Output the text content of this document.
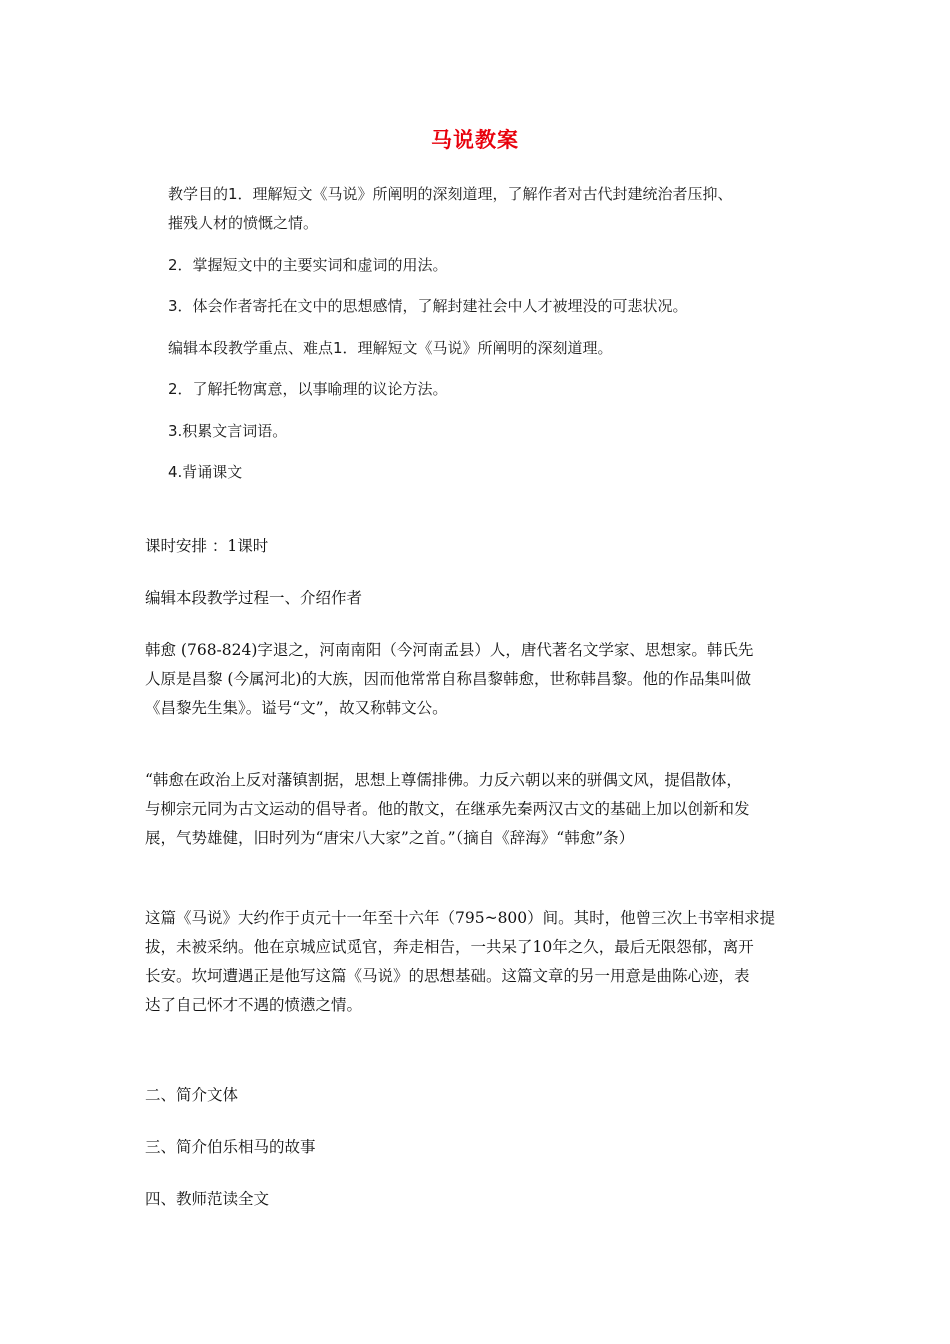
马说教案
教学目的1．理解短文《马说》所阐明的深刻道理，了解作者对古代封建统治者压抑、
摧残人材的愤慨之情。
2．掌握短文中的主要实词和虚词的用法。
3．体会作者寄托在文中的思想感情，了解封建社会中人才被埋没的可悲状况。
编辑本段教学重点、难点1．理解短文《马说》所阐明的深刻道理。
2．了解托物寓意，以事喻理的议论方法。
3.积累文言词语。
4.背诵课文
课时安排 ：1课时
编辑本段教学过程一、介绍作者
韩愈 (768-824)字退之，河南南阳（今河南孟县）人，唐代著名文学家、思想家。韩氏先
人原是昌黎 (今属河北)的大族，因而他常常自称昌黎韩愈，世称韩昌黎。他的作品集叫做
《昌黎先生集》。谥号“文”，故又称韩文公。
“韩愈在政治上反对藩镇割据，思想上尊儒排佛。力反六朝以来的骈偶文风，提倡散体，
与柳宗元同为古文运动的倡导者。他的散文，在继承先秦两汉古文的基础上加以创新和发
展，气势雄健，旧时列为“唐宋八大家”之首。”（摘自《辞海》“韩愈”条）
这篇《马说》大约作于贞元十一年至十六年（795~800）间。其时，他曾三次上书宰相求提
拔，未被采纳。他在京城应试觅官，奔走相告，一共呆了10年之久，最后无限怨郁，离开
长安。坎坷遭遇正是他写这篇《马说》的思想基础。这篇文章的另一用意是曲陈心迹，表
达了自己怀才不遇的愤懑之情。
二、简介文体
三、简介伯乐相马的故事
四、教师范读全文
